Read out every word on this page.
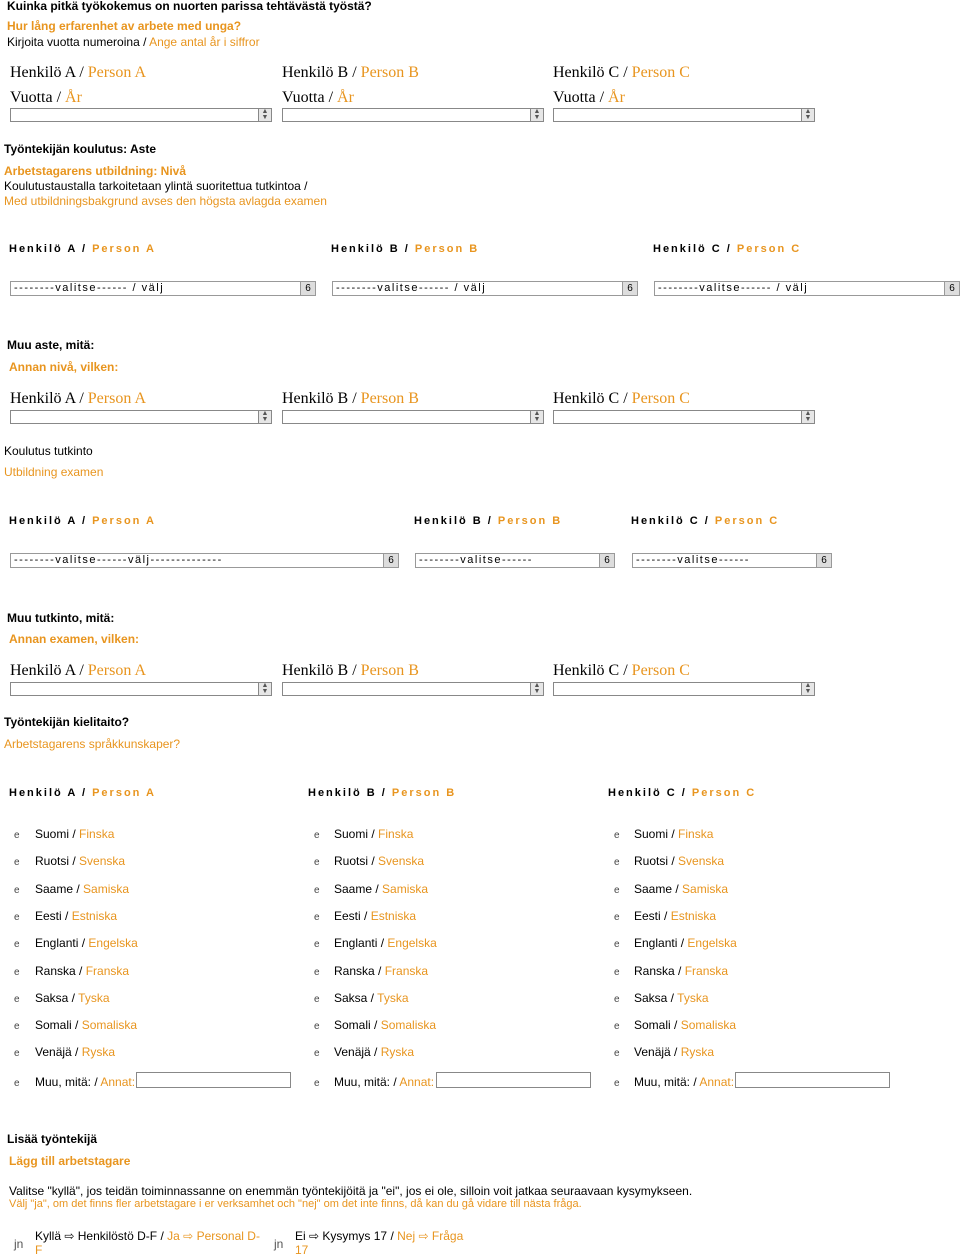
Kuinka pitkä työkokemus on nuorten parissa tehtävästä työstä?
Hur lång erfarenhet av arbete med unga?
Kirjoita vuotta numeroina / Ange antal år i siffror
Henkilö A / Person A	Henkilö B / Person B	Henkilö C / Person C
Vuotta / År	Vuotta / År	Vuotta / År
▲
▼
▲
▼
▲
▼
Työntekijän koulutus: Aste
Arbetstagarens utbildning: Nivå
Koulutustaustalla tarkoitetaan ylintä suoritettua tutkintoa /
Med utbildningsbakgrund avses den högsta avlagda examen
Henkilö A / Person A	Henkilö B / Person B	Henkilö C / Person C
--------valitse------ / välj	6	--------valitse------ / välj	6	--------valitse------ / välj	6
Muu aste, mitä:
Annan nivå, vilken:
Henkilö A / Person A	Henkilö B / Person B	Henkilö C / Person C
▲
▼
▲
▼
▲
▼
Koulutus tutkinto
Utbildning examen
Henkilö A / Person A	Henkilö B / Person B	Henkilö C / Person C
--------valitse------välj--------------	6	--------valitse------	6	--------valitse------	6
Muu tutkinto, mitä:
Annan examen, vilken:
Henkilö A / Person A	Henkilö B / Person B	Henkilö C / Person C
▲
▼
▲
▼
▲
▼
Työntekijän kielitaito?
Arbetstagarens språkkunskaper?
Henkilö A / Person A	Henkilö B / Person B	Henkilö C / Person C
e Suomi / Finska	e Suomi / Finska	e Suomi / Finska
e Ruotsi / Svenska	e Ruotsi / Svenska	e Ruotsi / Svenska
e Saame / Samiska	e Saame / Samiska	e Saame / Samiska
e Eesti / Estniska	e Eesti / Estniska	e Eesti / Estniska
e Englanti / Engelska	e Englanti / Engelska	e Englanti / Engelska
e Ranska / Franska	e Ranska / Franska	e Ranska / Franska
e Saksa / Tyska	e Saksa / Tyska	e Saksa / Tyska
e Somali / Somaliska	e Somali / Somaliska	e Somali / Somaliska
e Venäjä / Ryska	e Venäjä / Ryska	e Venäjä / Ryska
e Muu, mitä: / Annat:	e Muu, mitä: / Annat:	e Muu, mitä: / Annat:
Lisää työntekijä
Lägg till arbetstagare
Valitse "kyllä", jos teidän toiminnassanne on enemmän työntekijöitä ja "ei", jos ei ole, silloin voit jatkaa seuraavaan kysymykseen.
Välj "ja", om det finns fler arbetstagare i er verksamhet och "nej" om det inte finns, då kan du gå vidare till nästa fråga.
jn
Kyllä ⇨ Henkilöstö D-F / Ja ⇨ Personal D-
F	jn
Ei ⇨ Kysymys 17 / Nej ⇨ Fråga
17
